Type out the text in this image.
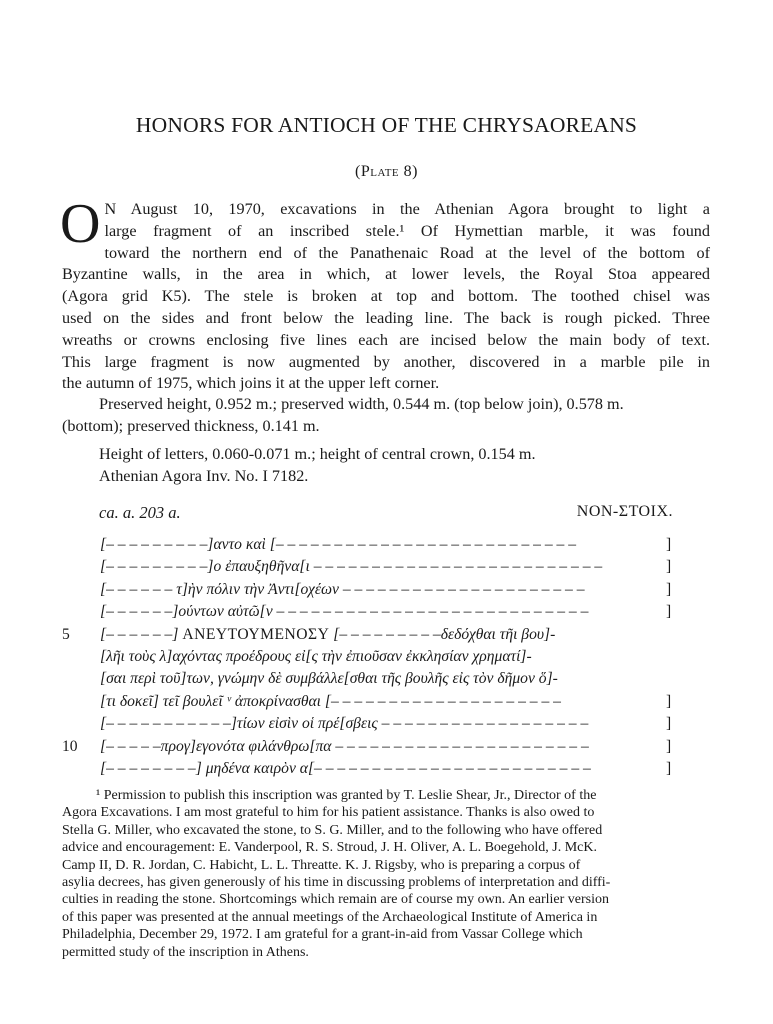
HONORS FOR ANTIOCH OF THE CHRYSAOREANS
(Plate 8)
O N August 10, 1970, excavations in the Athenian Agora brought to light a
large fragment of an inscribed stele.¹ Of Hymettian marble, it was found
toward the northern end of the Panathenaic Road at the level of the bottom of
Byzantine walls, in the area in which, at lower levels, the Royal Stoa appeared
(Agora grid K5). The stele is broken at top and bottom. The toothed chisel was
used on the sides and front below the leading line. The back is rough picked. Three
wreaths or crowns enclosing five lines each are incised below the main body of text.
This large fragment is now augmented by another, discovered in a marble pile in
the autumn of 1975, which joins it at the upper left corner.
Preserved height, 0.952 m.; preserved width, 0.544 m. (top below join), 0.578 m.
(bottom); preserved thickness, 0.141 m.
Height of letters, 0.060-0.071 m.; height of central crown, 0.154 m.
Athenian Agora Inv. No. I 7182.
ca. a. 203 a.	NON-ΣΤΟΙΧ.
[– – – – – – – – –]αντο καὶ [– – – – – – – – – – – – – – – – – – – – – – – – – –	]
[– – – – – – – – –]ο ἐπαυξηθῆνα[ι – – – – – – – – – – – – – – – – – – – – – – – – –	]
[– – – – – – τ]ὴν πόλιν τὴν Ἀντι[οχέων – – – – – – – – – – – – – – – – – – – – –	]
[– – – – – –]ούντων αὐτῶ[ν – – – – – – – – – – – – – – – – – – – – – – – – – – –	]
5	[– – – – – –] ΑΝΕΥΤΟΥΜΕΝΟΣΥ [– – – – – – – – –δεδόχθαι τῆι βου]-
[λῆι τοὺς λ]αχόντας προέδρους εἰ[ς τὴν ἐπιοῦσαν ἐκκλησίαν χρηματί]-
[σαι περὶ τοῦ]των, γνώμην δὲ συμβάλλε[σθαι τῆς βουλῆς εἰς τὸν δῆμον ὅ]-
[τι δοκεῖ] τεῖ βουλεῖ ᵛ ἀποκρίνασθαι [– – – – – – – – – – – – – – – – – – – –	]
[– – – – – – – – – – –]τίων εἰσὶν οἱ πρέ[σβεις – – – – – – – – – – – – – – – – – –	]
10	[– – – – –προγ]εγονότα φιλάνθρω[πα – – – – – – – – – – – – – – – – – – – – – –	]
[– – – – – – – –] μηδένα καιρὸν α[– – – – – – – – – – – – – – – – – – – – – – – –	]
¹ Permission to publish this inscription was granted by T. Leslie Shear, Jr., Director of the
Agora Excavations. I am most grateful to him for his patient assistance. Thanks is also owed to
Stella G. Miller, who excavated the stone, to S. G. Miller, and to the following who have offered
advice and encouragement: E. Vanderpool, R. S. Stroud, J. H. Oliver, A. L. Boegehold, J. McK.
Camp II, D. R. Jordan, C. Habicht, L. L. Threatte. K. J. Rigsby, who is preparing a corpus of
asylia decrees, has given generously of his time in discussing problems of interpretation and diffi-
culties in reading the stone. Shortcomings which remain are of course my own. An earlier version
of this paper was presented at the annual meetings of the Archaeological Institute of America in
Philadelphia, December 29, 1972. I am grateful for a grant-in-aid from Vassar College which
permitted study of the inscription in Athens.
